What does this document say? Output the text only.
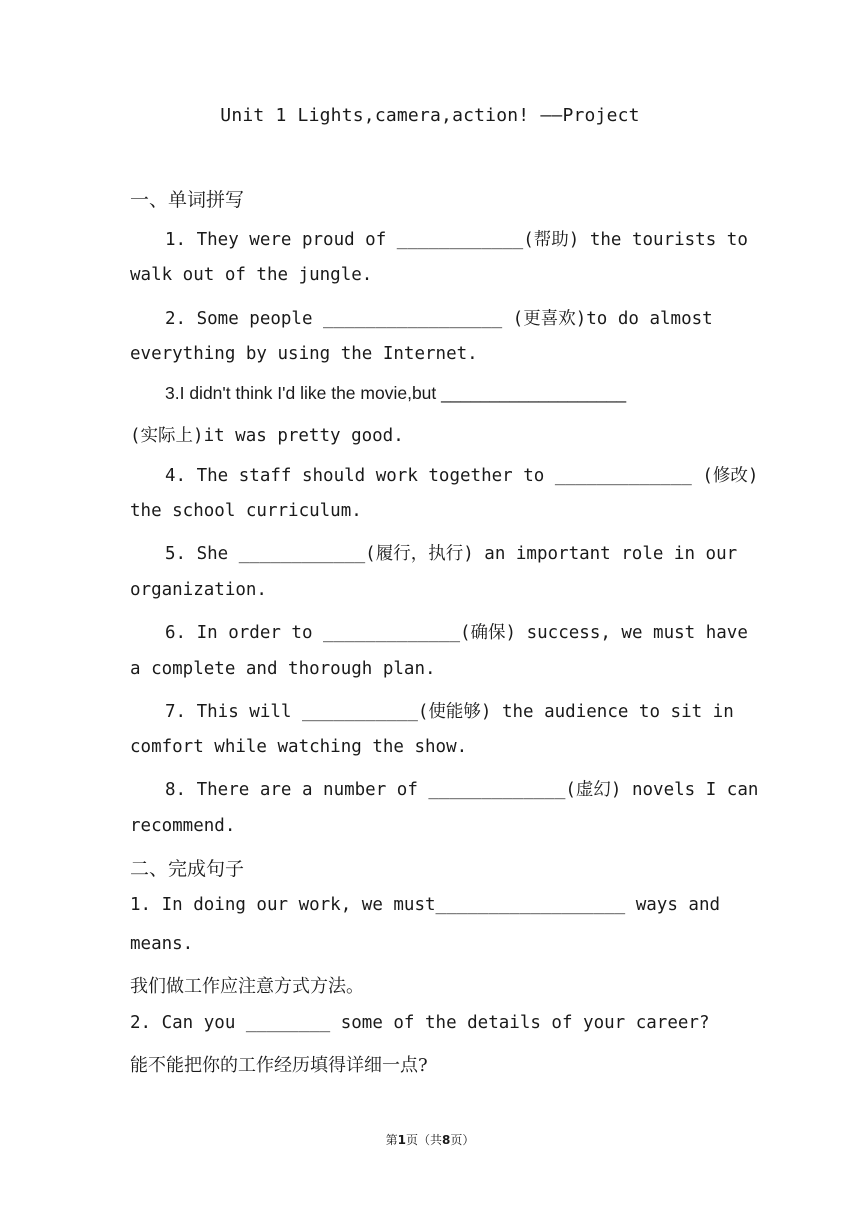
Unit 1 Lights,camera,action! ——Project
一、单词拼写
1. They were proud of ____________(帮助) the tourists to
walk out of the jungle.
2. Some people _________________ (更喜欢)to do almost
everything by using the Internet.
3.I didn't think I'd like the movie,but ___________________
(实际上)it was pretty good.
4. The staff should work together to _____________ (修改)
the school curriculum.
5. She ____________(履行，执行) an important role in our
organization.
6. In order to _____________(确保) success, we must have
a complete and thorough plan.
7. This will ___________(使能够) the audience to sit in
comfort while watching the show.
8. There are a number of _____________(虚幻) novels I can
recommend.
二、完成句子
1. In doing our work, we must__________________ ways and
means.
我们做工作应注意方式方法。
2. Can you ________ some of the details of your career?
能不能把你的工作经历填得详细一点?
第1页（共8页）
